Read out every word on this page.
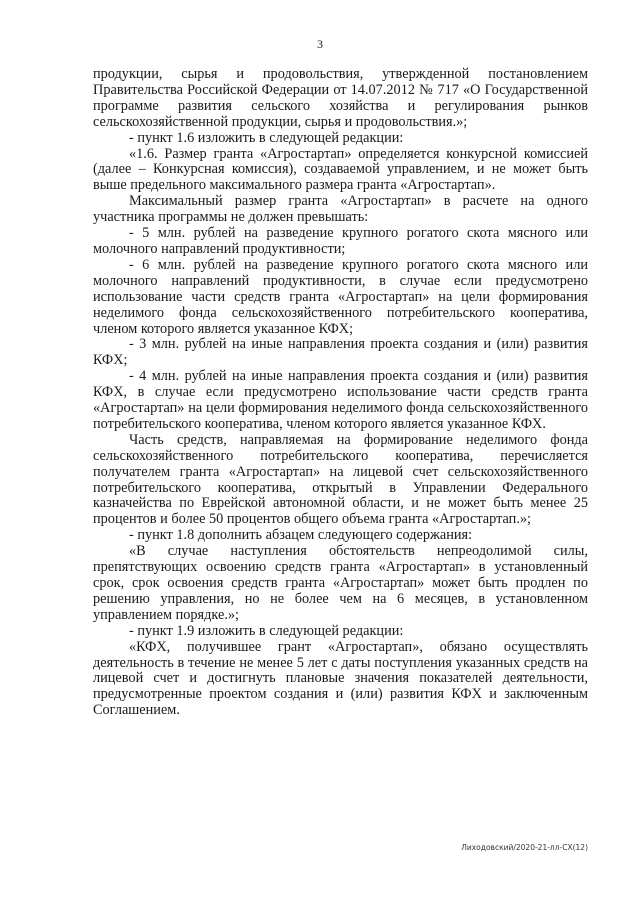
3

продукции, сырья и продовольствия, утвержденной постановлением Правительства Российской Федерации от 14.07.2012 № 717 «О Государственной программе развития сельского хозяйства и регулирования рынков сельскохозяйственной продукции, сырья и продовольствия.»;

- пункт 1.6 изложить в следующей редакции:

«1.6. Размер гранта «Агростартап» определяется конкурсной комиссией (далее – Конкурсная комиссия), создаваемой управлением, и не может быть выше предельного максимального размера гранта «Агростартап».

Максимальный размер гранта «Агростартап» в расчете на одного участника программы не должен превышать:

- 5 млн. рублей на разведение крупного рогатого скота мясного или молочного направлений продуктивности;

- 6 млн. рублей на разведение крупного рогатого скота мясного или молочного направлений продуктивности, в случае если предусмотрено использование части средств гранта «Агростартап» на цели формирования неделимого фонда сельскохозяйственного потребительского кооператива, членом которого является указанное КФХ;

- 3 млн. рублей на иные направления проекта создания и (или) развития КФХ;

- 4 млн. рублей на иные направления проекта создания и (или) развития КФХ, в случае если предусмотрено использование части средств гранта «Агростартап» на цели формирования неделимого фонда сельскохозяйственного потребительского кооператива, членом которого является указанное КФХ.

Часть средств, направляемая на формирование неделимого фонда сельскохозяйственного потребительского кооператива, перечисляется получателем гранта «Агростартап» на лицевой счет сельскохозяйственного потребительского кооператива, открытый в Управлении Федерального казначейства по Еврейской автономной области, и не может быть менее 25 процентов и более 50 процентов общего объема гранта «Агростартап.»;

- пункт 1.8 дополнить абзацем следующего содержания:

«В случае наступления обстоятельств непреодолимой силы, препятствующих освоению средств гранта «Агростартап» в установленный срок, срок освоения средств гранта «Агростартап» может быть продлен по решению управления, но не более чем на 6 месяцев, в установленном управлением порядке.»;

- пункт 1.9 изложить в следующей редакции:

«КФХ, получившее грант «Агростартап», обязано осуществлять деятельность в течение не менее 5 лет с даты поступления указанных средств на лицевой счет и достигнуть плановые значения показателей деятельности, предусмотренные проектом создания и (или) развития КФХ и заключенным Соглашением.

Лиходовский/2020-21-лл-СХ(12)
